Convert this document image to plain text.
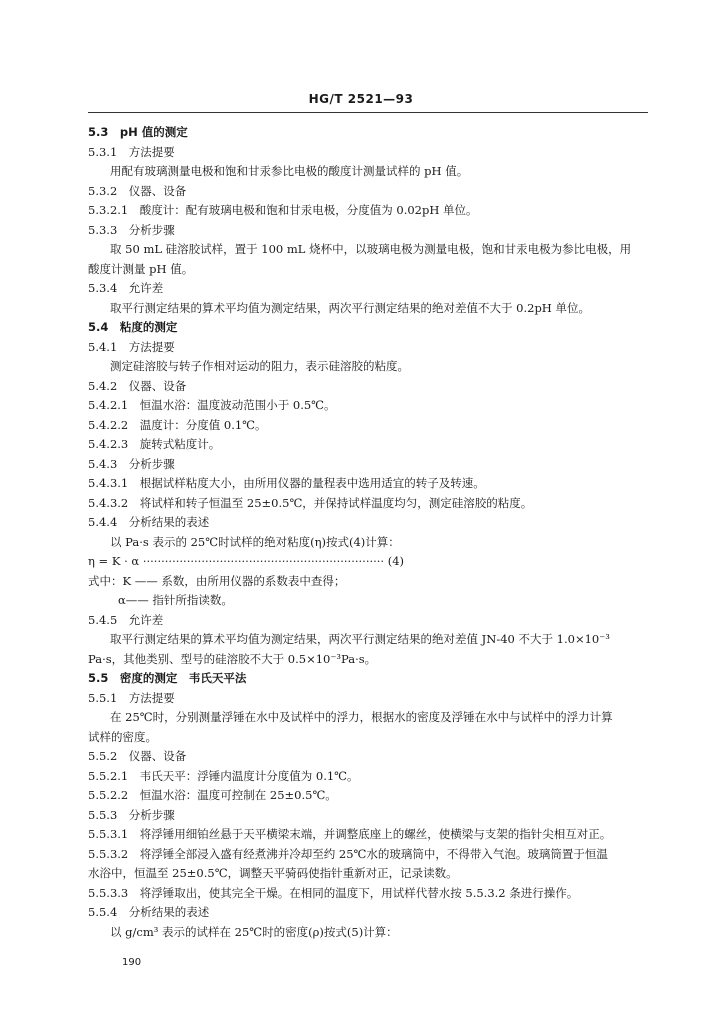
HG/T 2521—93
5.3　pH 值的测定
5.3.1　方法提要
用配有玻璃测量电极和饱和甘汞参比电极的酸度计测量试样的 pH 值。
5.3.2　仪器、设备
5.3.2.1　酸度计：配有玻璃电极和饱和甘汞电极，分度值为 0.02pH 单位。
5.3.3　分析步骤
取 50 mL 硅溶胶试样，置于 100 mL 烧杯中，以玻璃电极为测量电极，饱和甘汞电极为参比电极，用
酸度计测量 pH 值。
5.3.4　允许差
取平行测定结果的算术平均值为测定结果，两次平行测定结果的绝对差值不大于 0.2pH 单位。
5.4　粘度的测定
5.4.1　方法提要
测定硅溶胶与转子作相对运动的阻力，表示硅溶胶的粘度。
5.4.2　仪器、设备
5.4.2.1　恒温水浴：温度波动范围小于 0.5℃。
5.4.2.2　温度计：分度值 0.1℃。
5.4.2.3　旋转式粘度计。
5.4.3　分析步骤
5.4.3.1　根据试样粘度大小，由所用仪器的量程表中选用适宜的转子及转速。
5.4.3.2　将试样和转子恒温至 25±0.5℃，并保持试样温度均匀，测定硅溶胶的粘度。
5.4.4　分析结果的表述
以 Pa·s 表示的 25℃时试样的绝对粘度(η)按式(4)计算：
η = K · α ·································································· (4)
式中：K —— 系数，由所用仪器的系数表中查得；
α—— 指针所指读数。
5.4.5　允许差
取平行测定结果的算术平均值为测定结果，两次平行测定结果的绝对差值 JN-40 不大于 1.0×10⁻³
Pa·s，其他类别、型号的硅溶胶不大于 0.5×10⁻³Pa·s。
5.5　密度的测定　韦氏天平法
5.5.1　方法提要
在 25℃时，分别测量浮锤在水中及试样中的浮力，根据水的密度及浮锤在水中与试样中的浮力计算
试样的密度。
5.5.2　仪器、设备
5.5.2.1　韦氏天平：浮锤内温度计分度值为 0.1℃。
5.5.2.2　恒温水浴：温度可控制在 25±0.5℃。
5.5.3　分析步骤
5.5.3.1　将浮锤用细铂丝悬于天平横梁末端，并调整底座上的螺丝，使横梁与支架的指针尖相互对正。
5.5.3.2　将浮锤全部浸入盛有经煮沸并冷却至约 25℃水的玻璃筒中，不得带入气泡。玻璃筒置于恒温
水浴中，恒温至 25±0.5℃，调整天平骑码使指针重新对正，记录读数。
5.5.3.3　将浮锤取出，使其完全干燥。在相同的温度下，用试样代替水按 5.5.3.2 条进行操作。
5.5.4　分析结果的表述
以 g/cm³ 表示的试样在 25℃时的密度(ρ)按式(5)计算：
190
